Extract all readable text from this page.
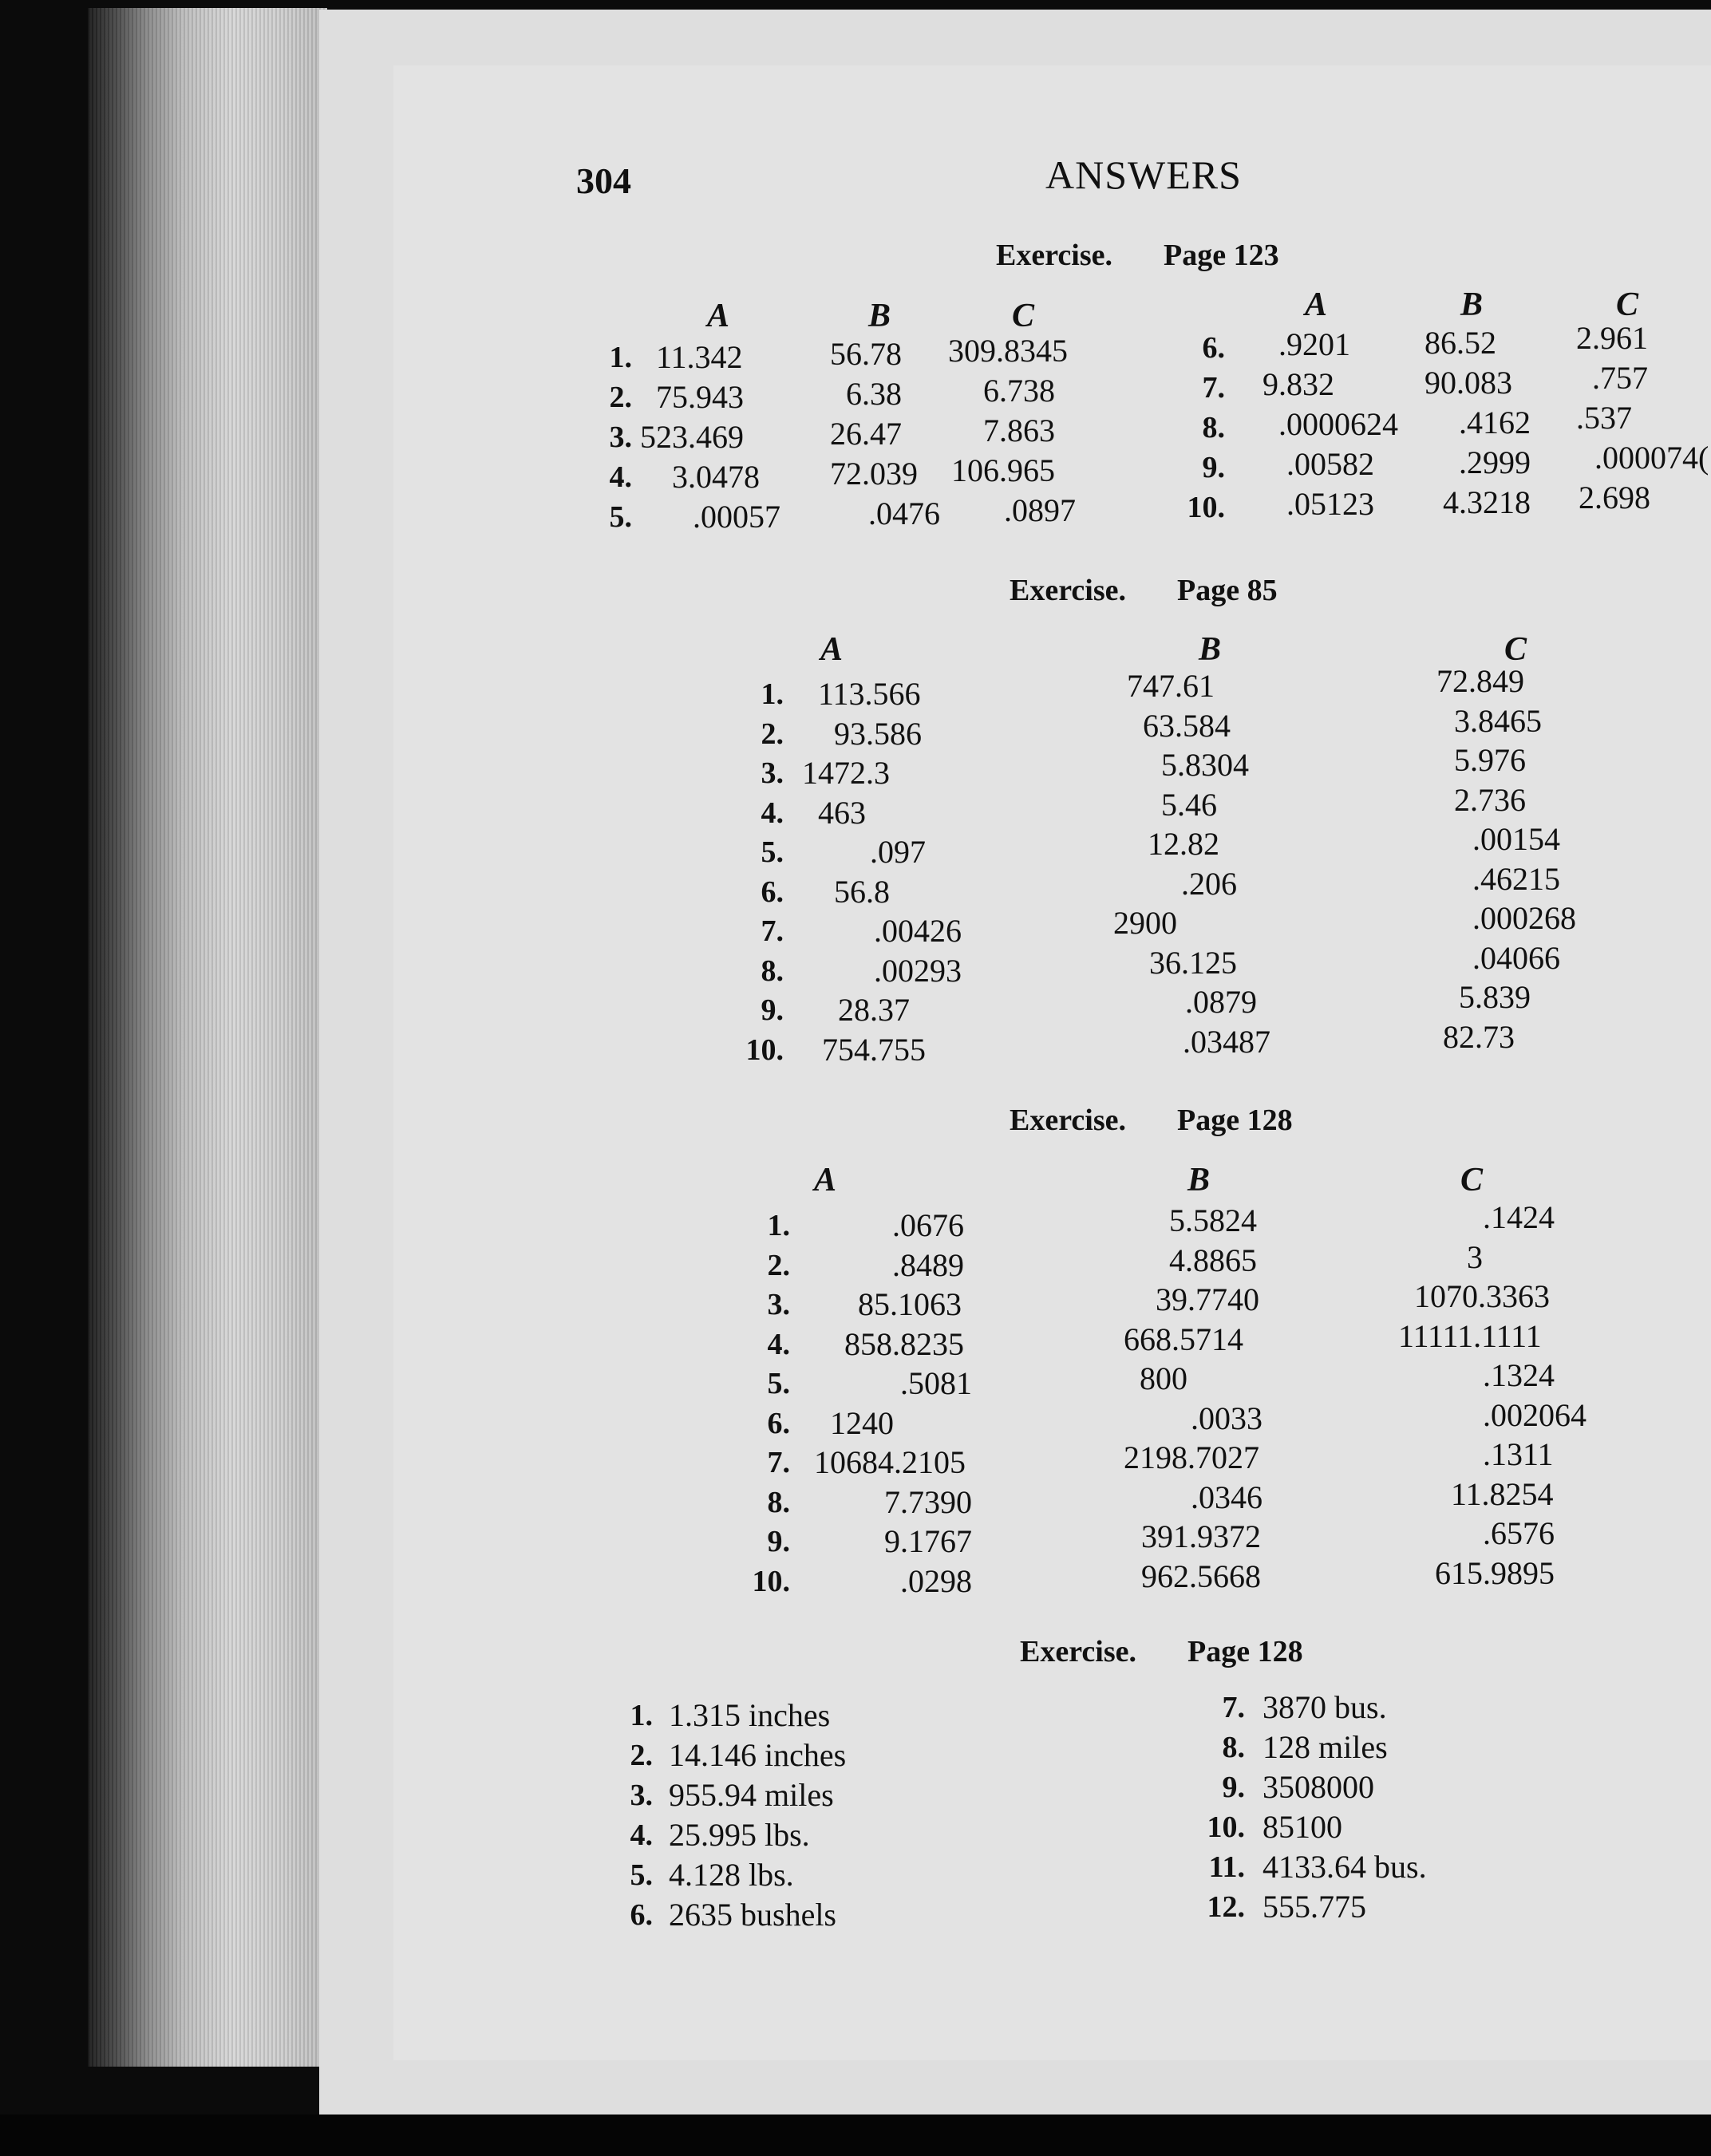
304	ANSWERS
Exercise. Page 123
A	B	C	A	B	C
1. 11.342	56.78 309.8345
2. 75.943	6.38	6.738
3. 523.469	26.47	7.863
4. 3.0478 72.039 106.965
5. .00057	.0476 .0897
6. .9201 86.52	2.961
7. 9.832	90.083	.757
8. .0000624 .4162 .537
9. .00582	.2999 .000074(
10. .05123 4.3218 2.698
Exercise. Page 85
A	B	C
1. 113.566	747.61	72.849
2. 93.586	63.584	3.8465
3. 1472.3	5.8304	5.976
4. 463	5.46	2.736
5.	.097	12.82	.00154
6. 56.8	.206	.46215
7.	.00426	2900	.000268
8.	.00293	36.125	.04066
9. 28.37	.0879	5.839
10. 754.755	.03487	82.73
Exercise. Page 128
A	B	C
1.	.0676	5.5824	.1424
2.	.8489	4.8865	3
3. 85.1063	39.7740	1070.3363
4. 858.8235	668.5714	11111.1111
5.	.5081	800	.1324
6. 1240	.0033	.002064
7. 10684.2105	2198.7027	.1311
8.	7.7390	.0346	11.8254
9.	9.1767	391.9372	.6576
10.	.0298	962.5668	615.9895
Exercise. Page 128
1. 1.315 inches
2. 14.146 inches
3. 955.94 miles
4. 25.995 lbs.
5. 4.128 lbs.
6. 2635 bushels
7. 3870 bus.
8. 128 miles
9. 3508000
10. 85100
11. 4133.64 bus.
12. 555.775
